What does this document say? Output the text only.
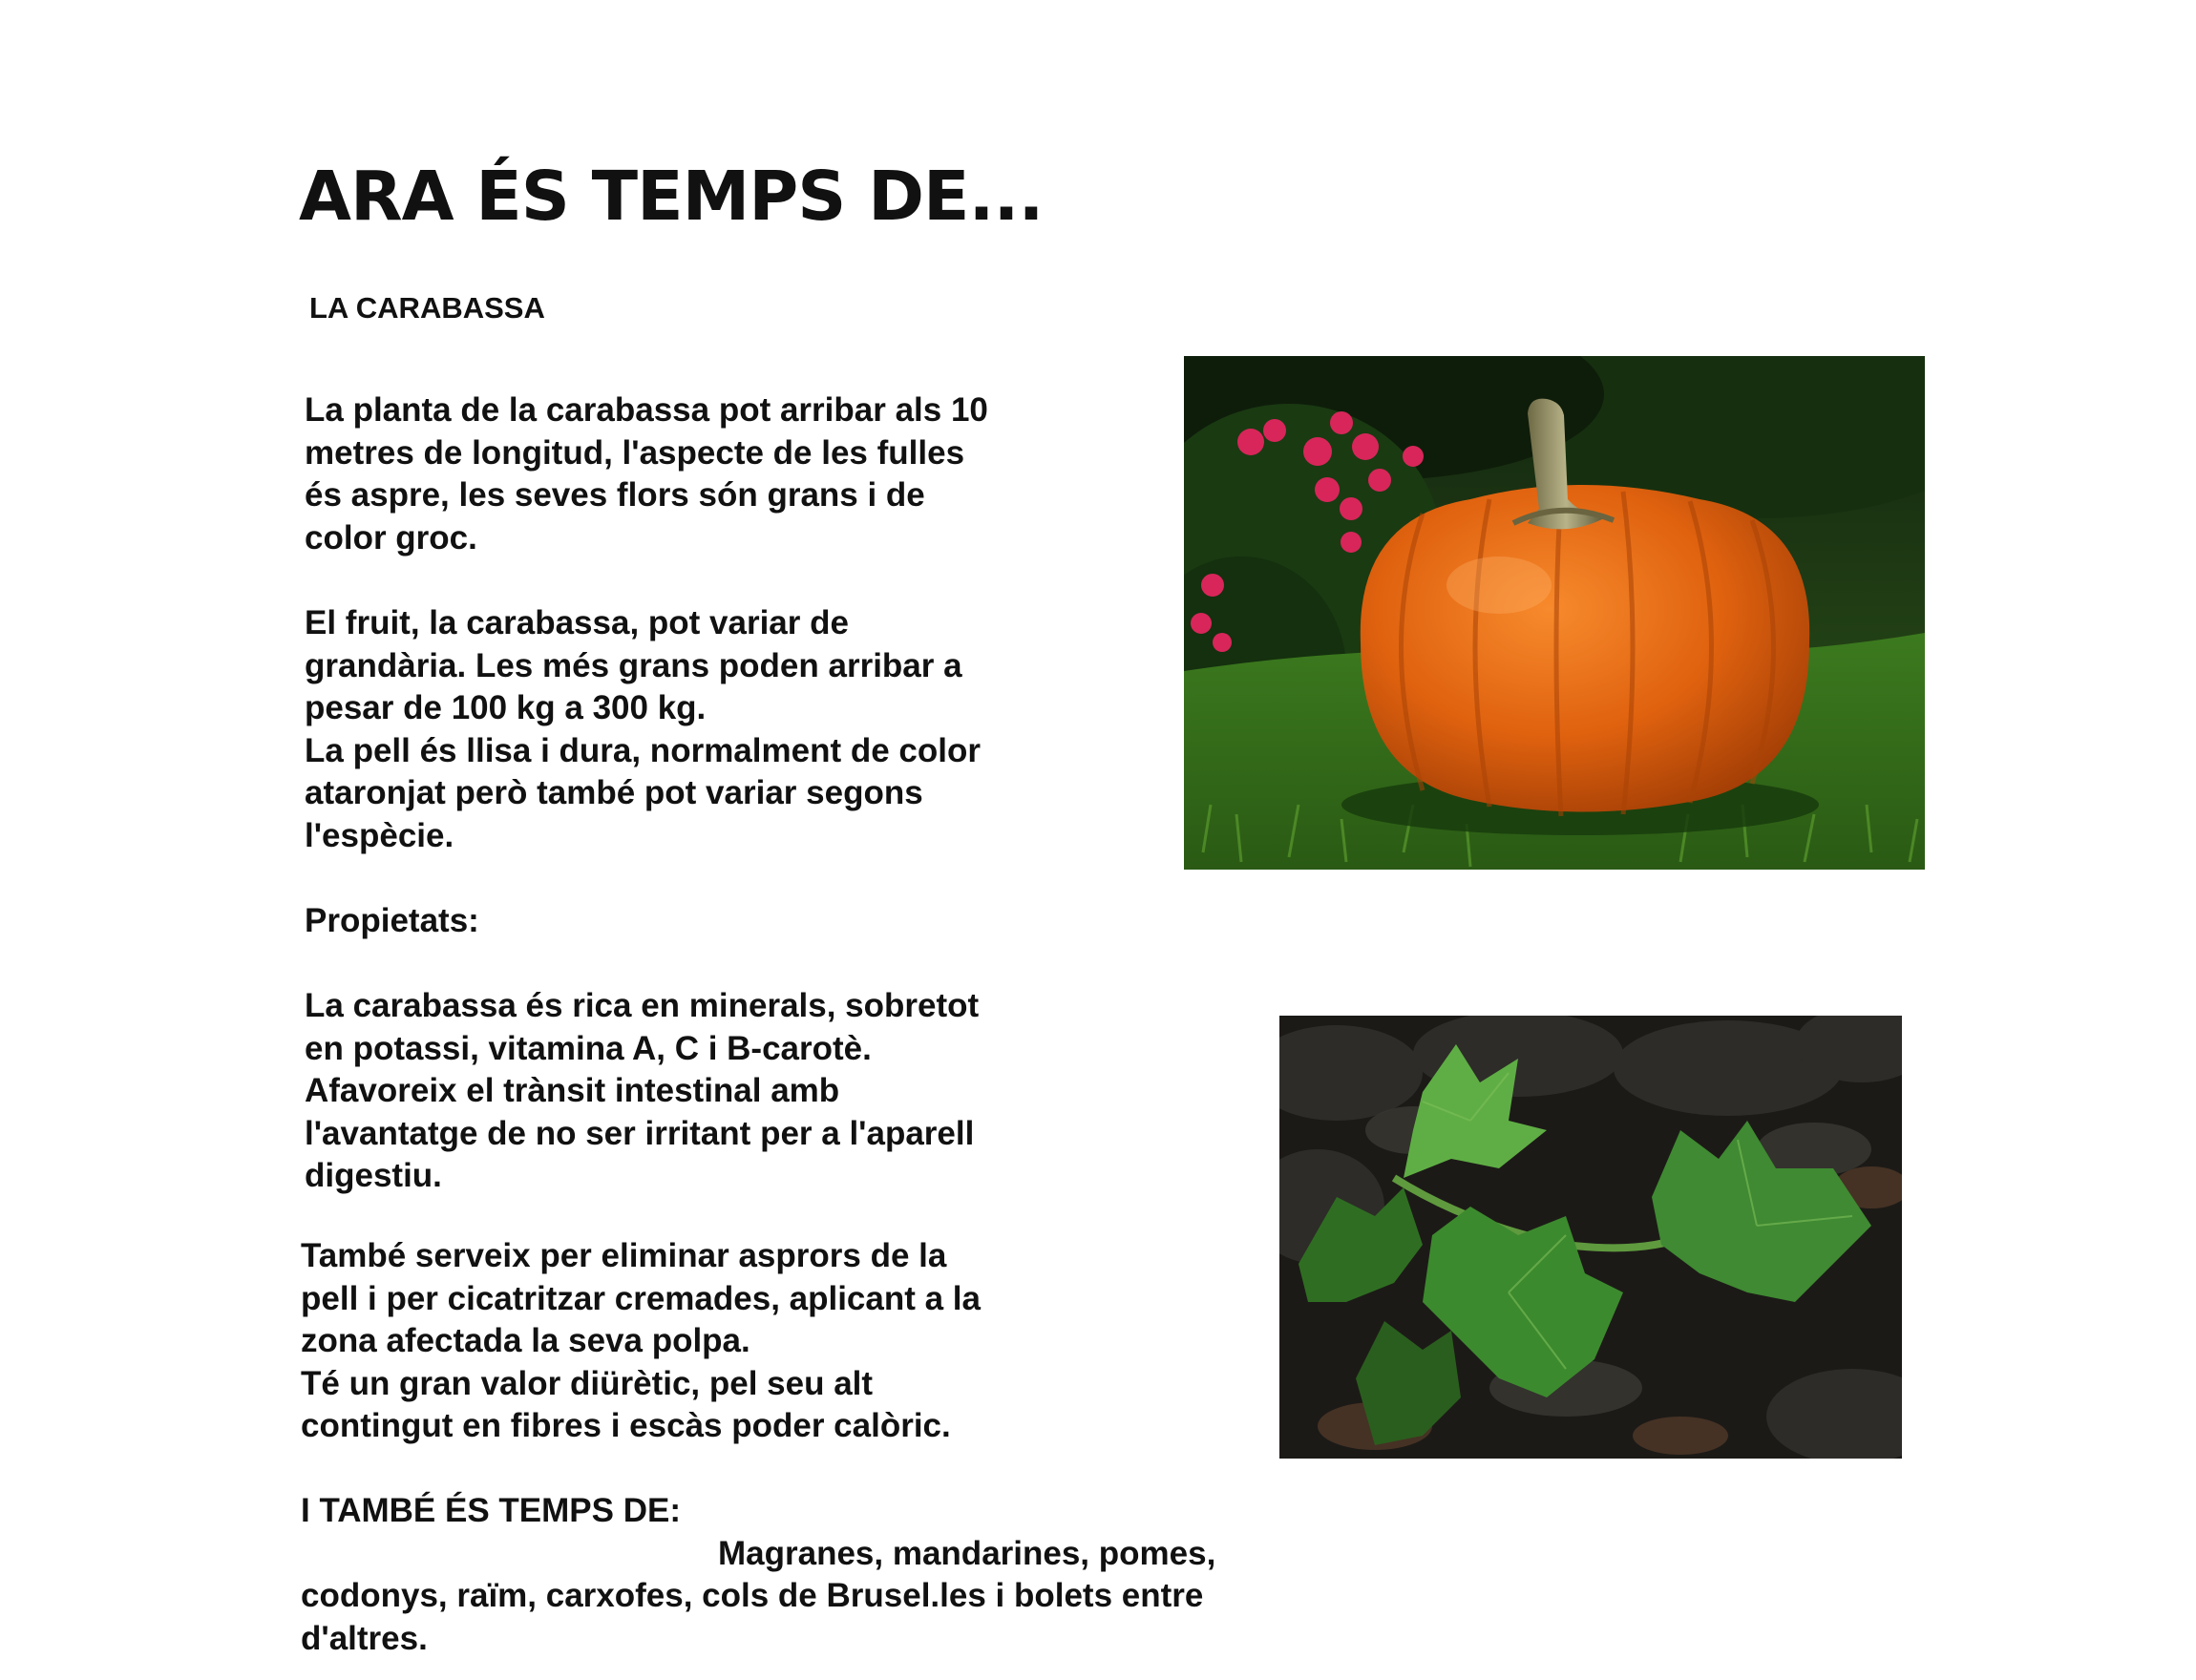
ARA ÉS TEMPS DE...
LA CARABASSA

La planta de la carabassa pot arribar als 10
metres de longitud, l'aspecte de les fulles
és aspre, les seves flors són grans i de
color groc.

El fruit, la carabassa, pot variar de
grandària. Les més grans poden arribar a
pesar de 100 kg a 300 kg.
La pell és llisa i dura, normalment de color
ataronjat però també pot variar segons
l'espècie.

Propietats:

La carabassa és rica en minerals, sobretot
en potassi, vitamina A, C i B-carotè.
Afavoreix el trànsit intestinal amb
l'avantatge de no ser irritant per a l'aparell
digestiu.

També serveix per eliminar asprors de la
pell i per cicatritzar cremades, aplicant a la
zona afectada la seva polpa.
Té un gran valor diürètic, pel seu alt
contingut en fibres i escàs poder calòric.

I TAMBÉ ÉS TEMPS DE:

Magranes, mandarines, pomes,

codonys, raïm, carxofes, cols de Brusel.les i bolets entre
d'altres.
